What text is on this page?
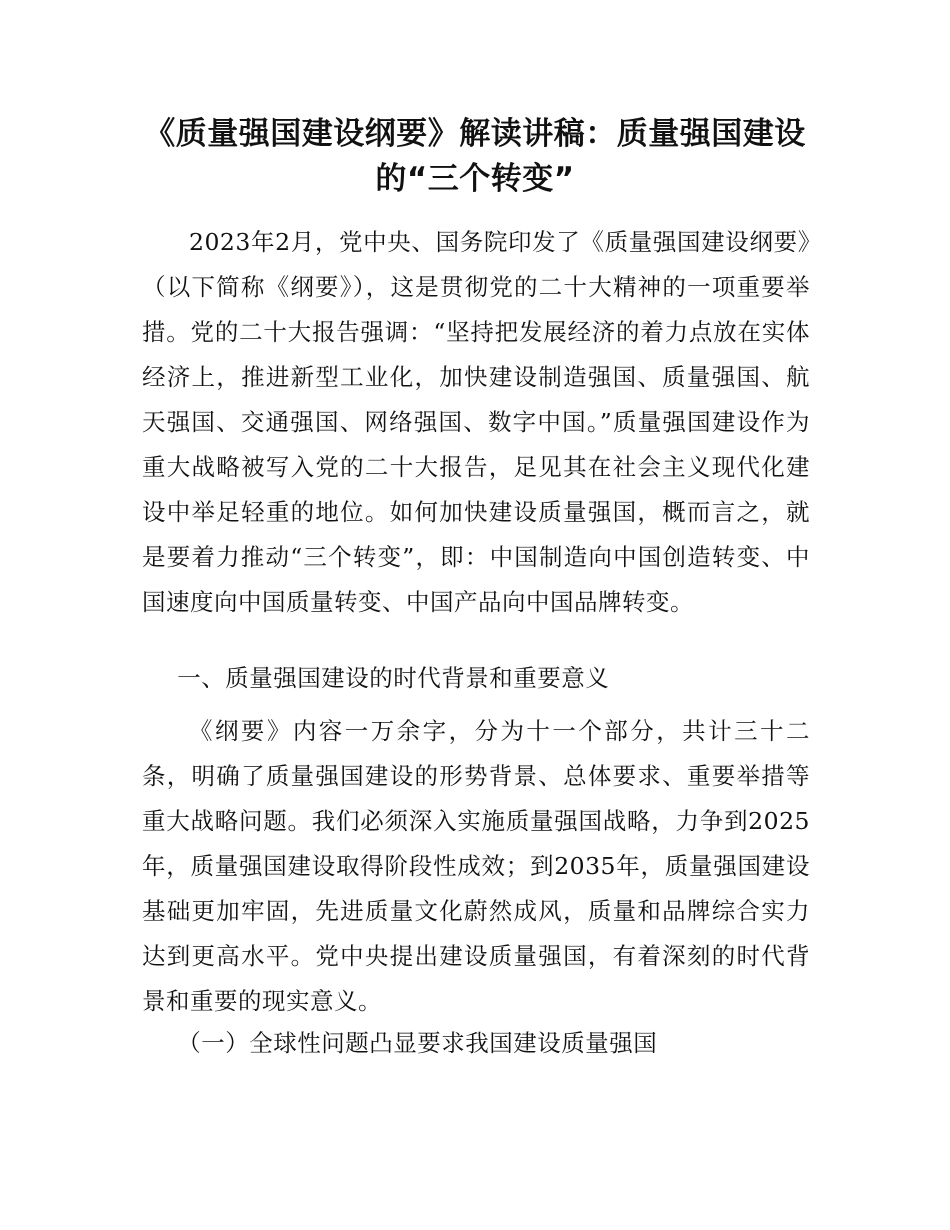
《质量强国建设纲要》解读讲稿：质量强国建设的“三个转变”

2023年2月，党中央、国务院印发了《质量强国建设纲要》（以下简称《纲要》），这是贯彻党的二十大精神的一项重要举措。党的二十大报告强调：“坚持把发展经济的着力点放在实体经济上，推进新型工业化，加快建设制造强国、质量强国、航天强国、交通强国、网络强国、数字中国。”质量强国建设作为重大战略被写入党的二十大报告，足见其在社会主义现代化建设中举足轻重的地位。如何加快建设质量强国，概而言之，就是要着力推动“三个转变”，即：中国制造向中国创造转变、中国速度向中国质量转变、中国产品向中国品牌转变。

一、质量强国建设的时代背景和重要意义

《纲要》内容一万余字，分为十一个部分，共计三十二条，明确了质量强国建设的形势背景、总体要求、重要举措等重大战略问题。我们必须深入实施质量强国战略，力争到2025年，质量强国建设取得阶段性成效；到2035年，质量强国建设基础更加牢固，先进质量文化蔚然成风，质量和品牌综合实力达到更高水平。党中央提出建设质量强国，有着深刻的时代背景和重要的现实意义。

（一）全球性问题凸显要求我国建设质量强国
